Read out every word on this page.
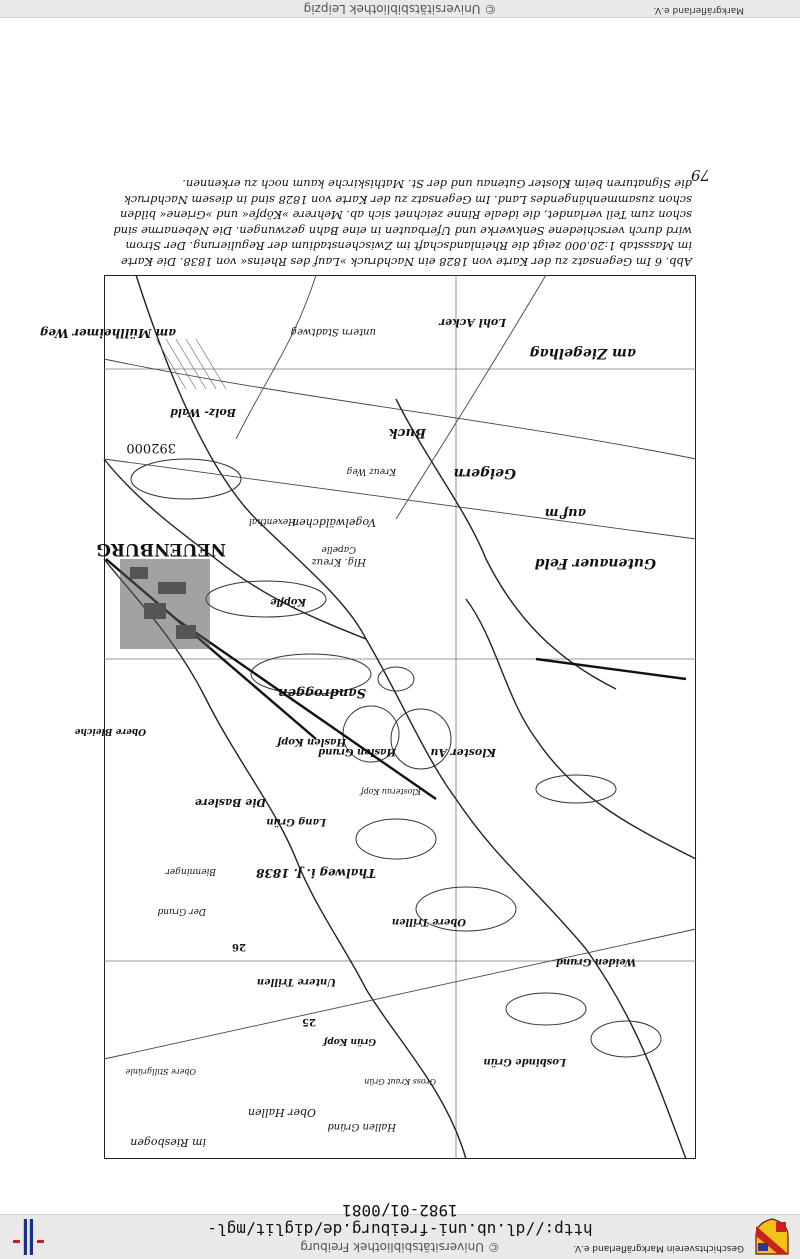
Geschichtsverein Markgräflerland e.V.
© Universitätsbibliothek Freiburg
http://dl.ub.uni-freiburg.de/diglit/mgl-1982-01/0081
Markgräflerland e.V.
© Universitätsbibliothek Leipzig
79
Abb. 6 Im Gegensatz zu der Karte von 1828 ein Nachdruck »Lauf des Rheins« von 1838. Die Karte
im Massstab 1:20.000 zeigt die Rheinlandschaft im Zwischenstadium der Regulierung. Der Strom
wird durch verschiedene Senkwerke und Uferbauten in eine Bahn gezwungen. Die Nebenarme sind
schon zum Teil verlandet, die ideale Rinne zeichnet sich ab. Mehrere »Köpfe« und »Griene« bilden
schon zusammenhängendes Land. Im Gegensatz zu der Karte von 1828 sind in diesem Nachdruck
die Signaturen beim Kloster Gutenau und der St. Mathiskirche kaum noch zu erkennen.
NEUENBURG
Sandroggen
Gutenauer Feld
am Ziegelhag
am Müllheimer Weg
Buck
Geigern
auf'm
Vogelwäldchen
Hlg. Kreuz
Capelle
Köpfle
Haslen Grund
Haslen Kopf
Kloster Au
Klosterau Kopf
Lang Grün
Die Baslere
Obere Bleiche
Thalweg i. J. 1838
Bienninger
Der Grund
Obere Trillen
Untere Trillen
Weiden Grund
Losbinde Grün
Grün Kopf
Gross Kraut Grün
Obere Stillgrünle
Ober Hallen
Hallen Gründ
im Riesbogen
Bolz- Wald
untern Stadtweg
Lohl Acker
392000
26
25
Hexenthal
Kreuz Weg
